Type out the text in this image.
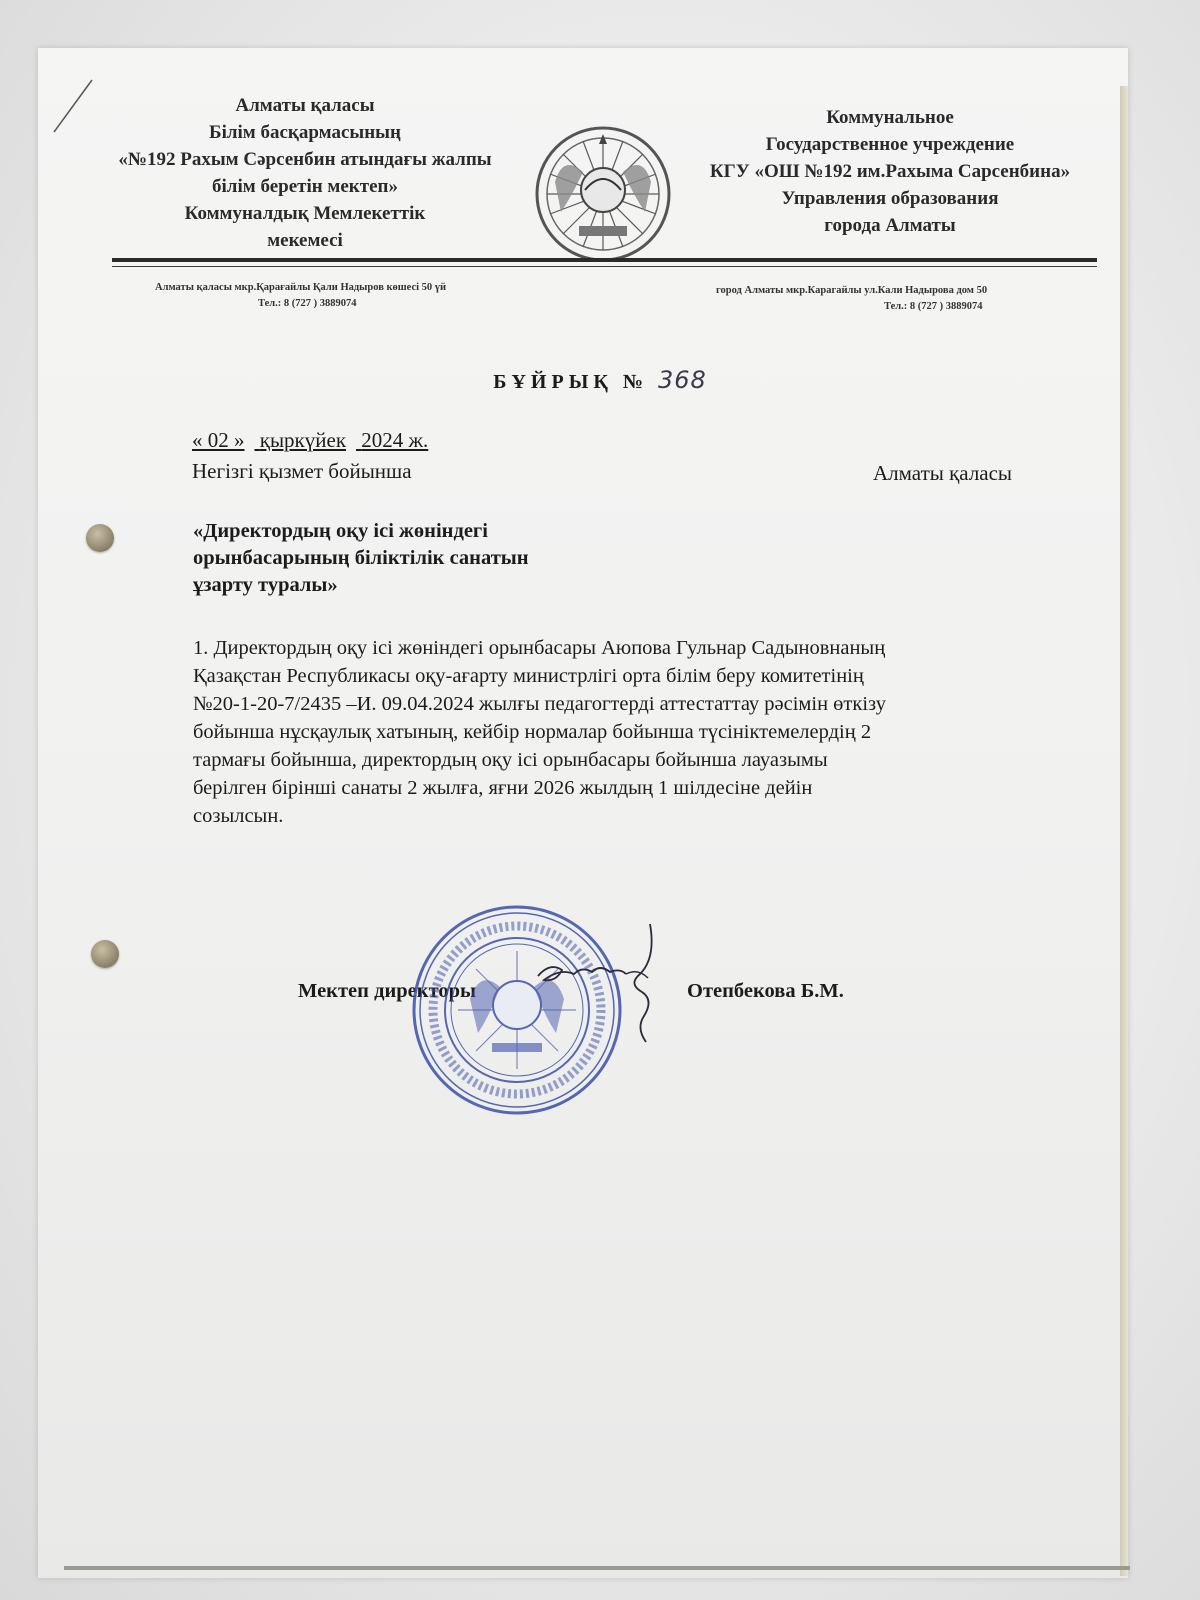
Алматы қаласы
Білім басқармасының
«№192 Рахым Сәрсенбин атындағы жалпы
білім беретін мектеп»
Коммуналдық Мемлекеттік
мекемесі
Коммунальное
Государственное учреждение
КГУ «ОШ №192 им.Рахыма Сарсенбина»
Управления образования
города Алматы
Алматы қаласы мкр.Қарағайлы Қали Надыров көшесі 50 үй
Тел.: 8 (727 ) 3889074
город Алматы мкр.Карагайлы ул.Кали Надырова дом 50
Тел.: 8 (727 ) 3889074
БҰЙРЫҚ № 368
« 02 » қыркүйек 2024 ж.
Негізгі қызмет бойынша	Алматы қаласы
«Директордың оқу ісі жөніндегі
орынбасарының біліктілік санатын
ұзарту туралы»
1. Директордың оқу ісі жөніндегі орынбасары Аюпова Гульнар Садыновнаның
Қазақстан Республикасы оқу-ағарту министрлігі орта білім беру комитетінің
№20-1-20-7/2435 –И. 09.04.2024 жылғы педагогтерді аттестаттау рәсімін өткізу
бойынша нұсқаулық хатының, кейбір нормалар бойынша түсініктемелердің 2
тармағы бойынша, директордың оқу ісі орынбасары бойынша лауазымы
берілген бірінші санаты 2 жылға, яғни 2026 жылдың 1 шілдесіне дейін
созылсын.
Мектеп директоры	Отепбекова Б.М.
